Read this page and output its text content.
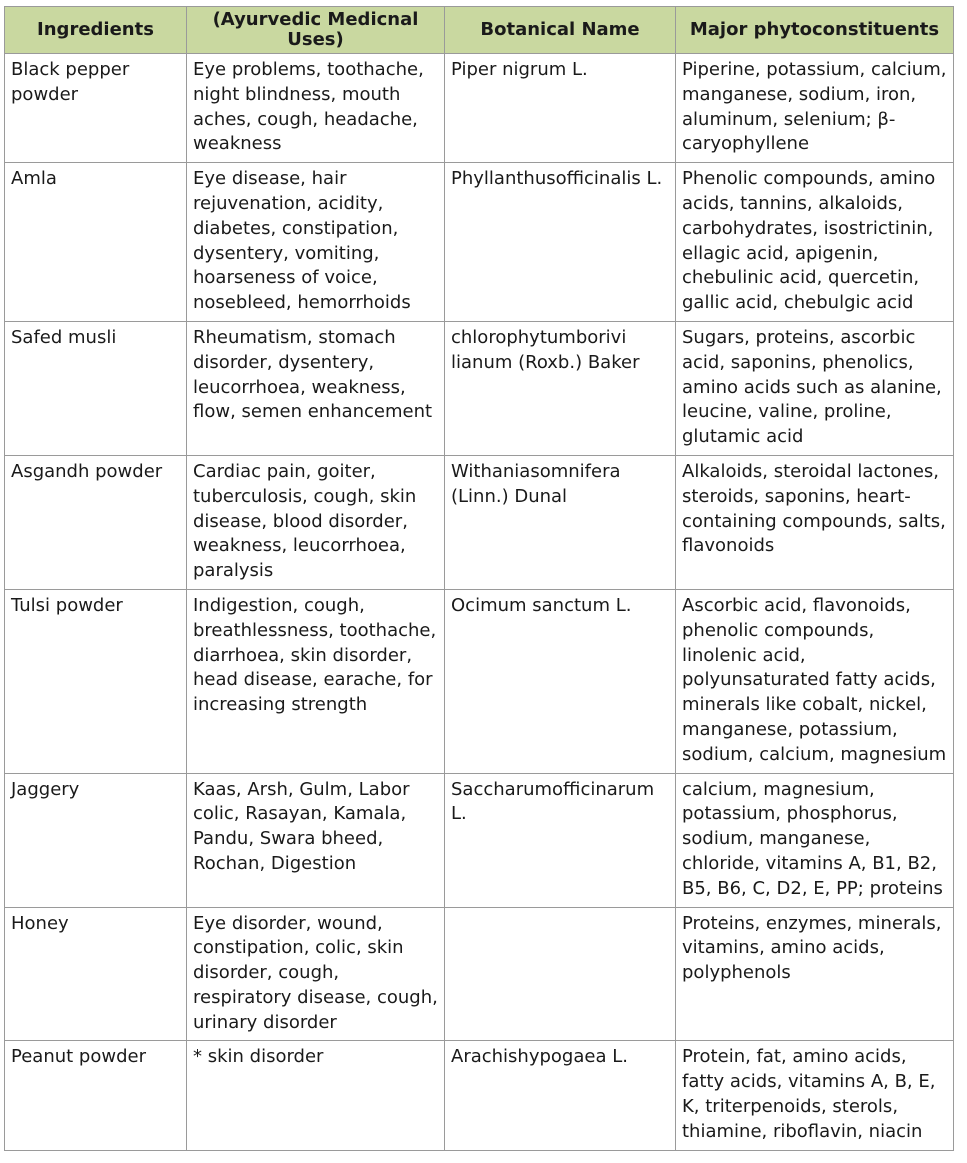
Ingredients	(Ayurvedic Medicnal Uses)	Botanical Name	Major phytoconstituents
Black pepper powder	Eye problems, toothache, night blindness, mouth aches, cough, headache, weakness	Piper nigrum L.	Piperine, potassium, calcium, manganese, sodium, iron, aluminum, selenium; β-caryophyllene
Amla	Eye disease, hair rejuvenation, acidity, diabetes, constipation, dysentery, vomiting, hoarseness of voice, nosebleed, hemorrhoids	Phyllanthusofficinalis L.	Phenolic compounds, amino acids, tannins, alkaloids, carbohydrates, isostrictinin, ellagic acid, apigenin, chebulinic acid, quercetin, gallic acid, chebulgic acid
Safed musli	Rheumatism, stomach disorder, dysentery, leucorrhoea, weakness, flow, semen enhancement	chlorophytumborivi lianum (Roxb.) Baker	Sugars, proteins, ascorbic acid, saponins, phenolics, amino acids such as alanine, leucine, valine, proline, glutamic acid
Asgandh powder	Cardiac pain, goiter, tuberculosis, cough, skin disease, blood disorder, weakness, leucorrhoea, paralysis	Withaniasomnifera (Linn.) Dunal	Alkaloids, steroidal lactones, steroids, saponins, heart-containing compounds, salts, flavonoids
Tulsi powder	Indigestion, cough, breathlessness, toothache, diarrhoea, skin disorder, head disease, earache, for increasing strength	Ocimum sanctum L.	Ascorbic acid, flavonoids, phenolic compounds, linolenic acid, polyunsaturated fatty acids, minerals like cobalt, nickel, manganese, potassium, sodium, calcium, magnesium
Jaggery	Kaas, Arsh, Gulm, Labor colic, Rasayan, Kamala, Pandu, Swara bheed, Rochan, Digestion	Saccharumofficinarum L.	calcium, magnesium, potassium, phosphorus, sodium, manganese, chloride, vitamins A, B1, B2, B5, B6, C, D2, E, PP; proteins
Honey	Eye disorder, wound, constipation, colic, skin disorder, cough, respiratory disease, cough, urinary disorder		Proteins, enzymes, minerals, vitamins, amino acids, polyphenols
Peanut powder	* skin disorder	Arachishypogaea L.	Protein, fat, amino acids, fatty acids, vitamins A, B, E, K, triterpenoids, sterols, thiamine, riboflavin, niacin
